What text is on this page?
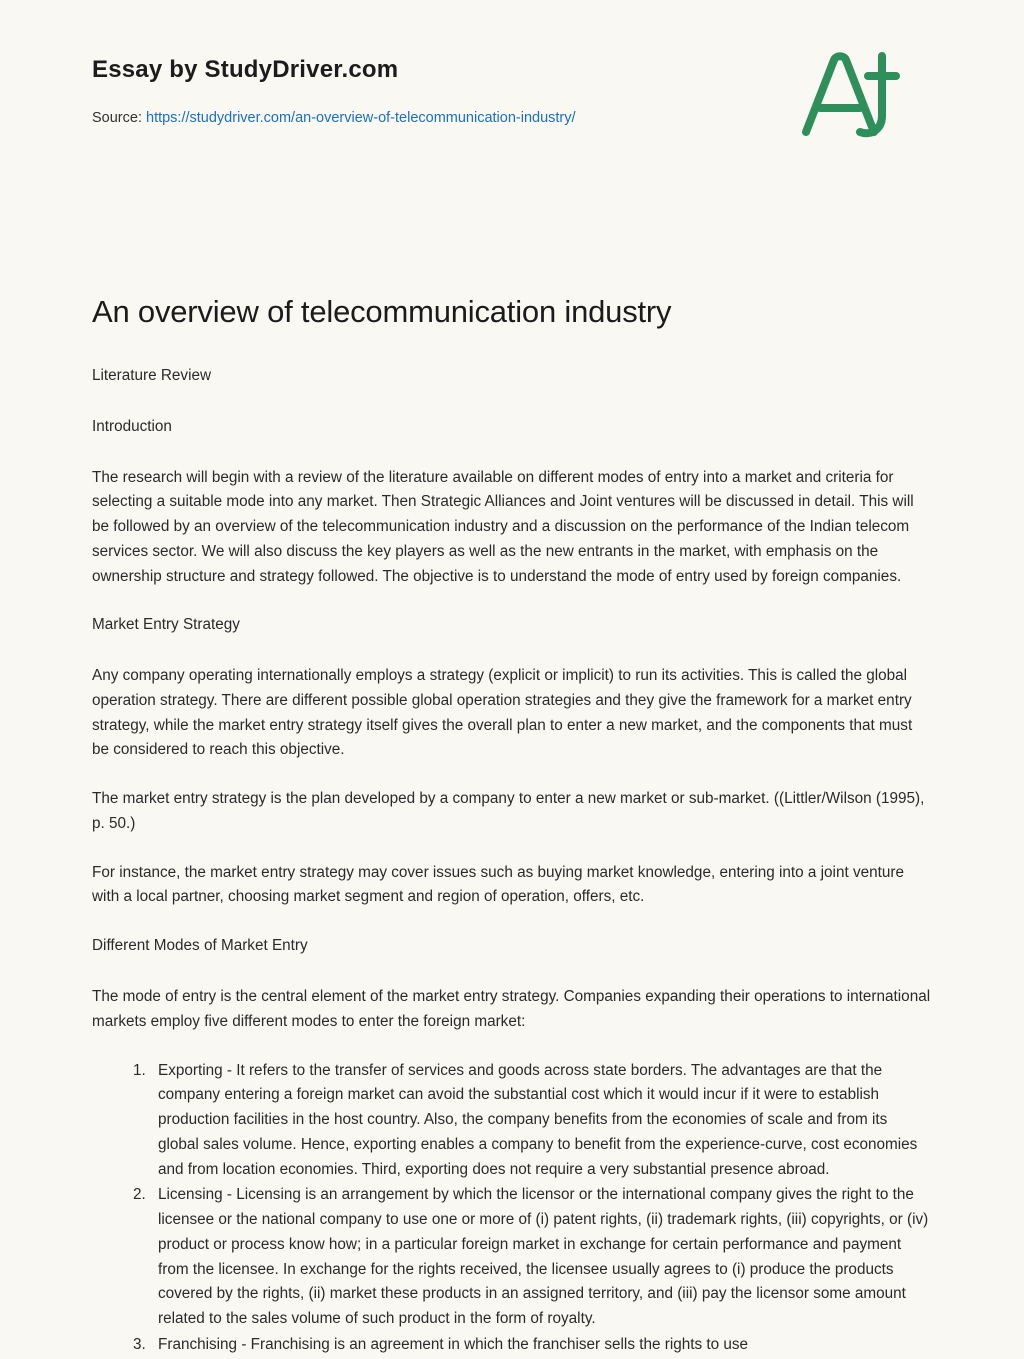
Essay by StudyDriver.com
Source: https://studydriver.com/an-overview-of-telecommunication-industry/
An overview of telecommunication industry

Literature Review

Introduction

The research will begin with a review of the literature available on different modes of entry into a market and criteria for selecting a suitable mode into any market. Then Strategic Alliances and Joint ventures will be discussed in detail. This will be followed by an overview of the telecommunication industry and a discussion on the performance of the Indian telecom services sector. We will also discuss the key players as well as the new entrants in the market, with emphasis on the ownership structure and strategy followed. The objective is to understand the mode of entry used by foreign companies.

Market Entry Strategy

Any company operating internationally employs a strategy (explicit or implicit) to run its activities. This is called the global operation strategy. There are different possible global operation strategies and they give the framework for a market entry strategy, while the market entry strategy itself gives the overall plan to enter a new market, and the components that must be considered to reach this objective.

The market entry strategy is the plan developed by a company to enter a new market or sub-market. ((Littler/Wilson (1995), p. 50.)

For instance, the market entry strategy may cover issues such as buying market knowledge, entering into a joint venture with a local partner, choosing market segment and region of operation, offers, etc.

Different Modes of Market Entry

The mode of entry is the central element of the market entry strategy. Companies expanding their operations to international markets employ five different modes to enter the foreign market:

1. Exporting - It refers to the transfer of services and goods across state borders. The advantages are that the company entering a foreign market can avoid the substantial cost which it would incur if it were to establish production facilities in the host country. Also, the company benefits from the economies of scale and from its global sales volume. Hence, exporting enables a company to benefit from the experience-curve, cost economies and from location economies. Third, exporting does not require a very substantial presence abroad.
2. Licensing - Licensing is an arrangement by which the licensor or the international company gives the right to the licensee or the national company to use one or more of (i) patent rights, (ii) trademark rights, (iii) copyrights, or (iv) product or process know how; in a particular foreign market in exchange for certain performance and payment from the licensee. In exchange for the rights received, the licensee usually agrees to (i) produce the products covered by the rights, (ii) market these products in an assigned territory, and (iii) pay the licensor some amount related to the sales volume of such product in the form of royalty.
3. Franchising - Franchising is an agreement in which the franchiser sells the rights to use
